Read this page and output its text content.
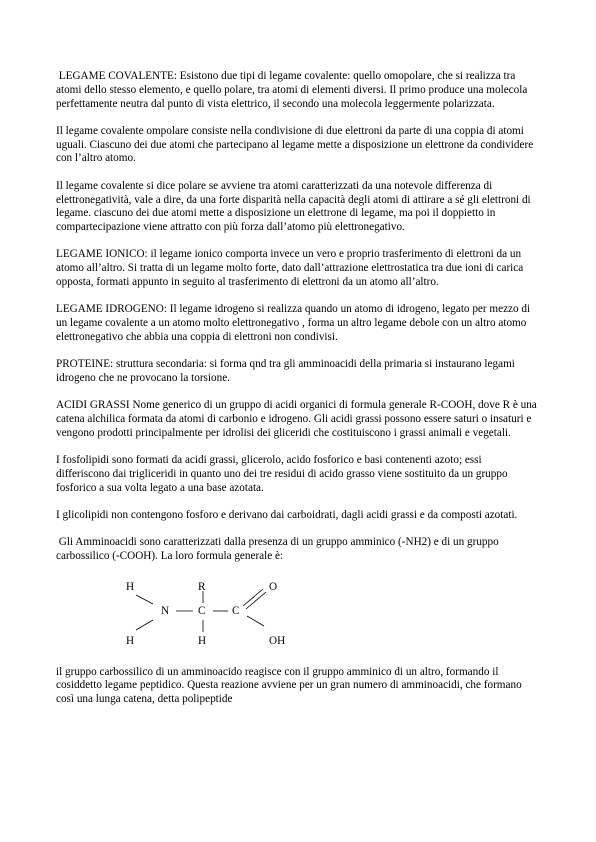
LEGAME COVALENTE: Esistono due tipi di legame covalente: quello omopolare, che si realizza tra atomi dello stesso elemento, e quello polare, tra atomi di elementi diversi. Il primo produce una molecola perfettamente neutra dal punto di vista elettrico, il secondo una molecola leggermente polarizzata.

Il legame covalente ompolare consiste nella condivisione di due elettroni da parte di una coppia di atomi uguali. Ciascuno dei due atomi che partecipano al legame mette a disposizione un elettrone da condividere con l’altro atomo.

Il legame covalente si dice polare se avviene tra atomi caratterizzati da una notevole differenza di elettronegatività, vale a dire, da una forte disparità nella capacità degli atomi di attirare a sé gli elettroni di legame. ciascuno dei due atomi mette a disposizione un elettrone di legame, ma poi il doppietto in compartecipazione viene attratto con più forza dall’atomo più elettronegativo.

LEGAME IONICO: il legame ionico comporta invece un vero e proprio trasferimento di elettroni da un atomo all’altro. Si tratta di un legame molto forte, dato dall’attrazione elettrostatica tra due ioni di carica opposta, formati appunto in seguito al trasferimento di elettroni da un atomo all’altro.

LEGAME IDROGENO: Il legame idrogeno si realizza quando un atomo di idrogeno, legato per mezzo di un legame covalente a un atomo molto elettronegativo , forma un altro legame debole con un altro atomo elettronegativo che abbia una coppia di elettroni non condivisi.

PROTEINE: struttura secondaria: si forma qnd tra gli amminoacidi della primaria si instaurano legami idrogeno che ne provocano la torsione.

ACIDI GRASSI Nome generico di un gruppo di acidi organici di formula generale R-COOH, dove R è una catena alchilica formata da atomi di carbonio e idrogeno. Gli acidi grassi possono essere saturi o insaturi e vengono prodotti principalmente per idrolisi dei gliceridi che costituiscono i grassi animali e vegetali.

I fosfolipidi sono formati da acidi grassi, glicerolo, acido fosforico e basi contenenti azoto; essi differiscono dai trigliceridi in quanto uno dei tre residui di acido grasso viene sostituito da un gruppo fosforico a sua volta legato a una base azotata.

I glicolipidi non contengono fosforo e derivano dai carboidrati, dagli acidi grassi e da composti azotati.

Gli Amminoacidi sono caratterizzati dalla presenza di un gruppo amminico (-NH2) e di un gruppo carbossilico (-COOH). La loro formula generale è:

H	R	O
N	C C
H	H	OH

il gruppo carbossilico di un amminoacido reagisce con il gruppo amminico di un altro, formando il cosiddetto legame peptidico. Questa reazione avviene per un gran numero di amminoacidi, che formano così una lunga catena, detta polipeptide
